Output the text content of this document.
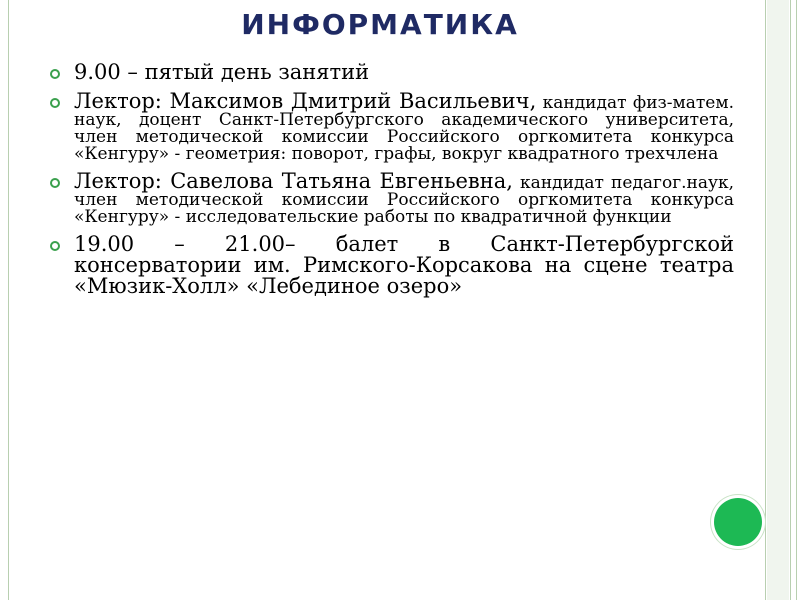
ИНФОРМАТИКА
9.00 – пятый день занятий
Лектор: Максимов Дмитрий Васильевич, кандидат физ-матем. наук, доцент Санкт-Петербургского академического университета, член методической комиссии Российского оргкомитета конкурса «Кенгуру» - геометрия: поворот, графы, вокруг квадратного трехчлена
Лектор: Савелова Татьяна Евгеньевна, кандидат педагог.наук, член методической комиссии Российского оргкомитета конкурса «Кенгуру» - исследовательские работы по квадратичной функции
19.00 – 21.00– балет в Санкт-Петербургской консерватории им. Римского-Корсакова на сцене театра «Мюзик-Холл» «Лебединое озеро»
